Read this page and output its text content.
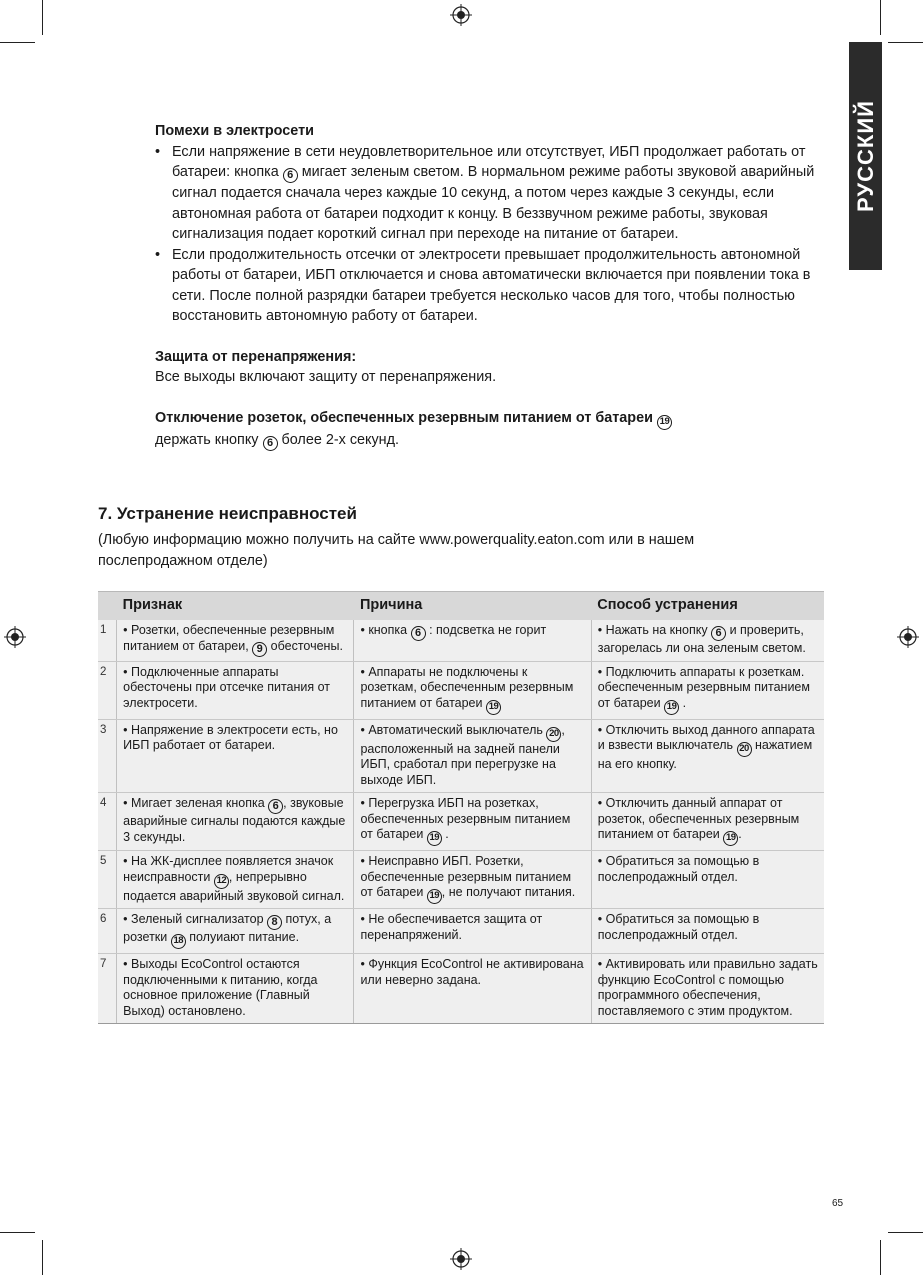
РУССКИЙ
Помехи в электросети
• Если напряжение в сети неудовлетворительное или отсутствует, ИБП продолжает работать от батареи: кнопка 6 мигает зеленым светом. В нормальном режиме работы звуковой аварийный сигнал подается сначала через каждые 10 секунд, а потом через каждые 3 секунды, если автономная работа от батареи подходит к концу. В беззвучном режиме работы, звуковая сигнализация подает короткий сигнал при переходе на питание от батареи.
• Если продолжительность отсечки от электросети превышает продолжительность автономной работы от батареи, ИБП отключается и снова автоматически включается при появлении тока в сети. После полной разрядки батареи требуется несколько часов для того, чтобы полностью восстановить автономную работу от батареи.
Защита от перенапряжения:
Все выходы включают защиту от перенапряжения.
Отключение розеток, обеспеченных резервным питанием от батареи 19
держать кнопку 6 более 2-х секунд.
7. Устранение неисправностей
(Любую информацию можно получить на сайте www.powerquality.eaton.com или в нашем послепродажном отделе)
	Признак	Причина	Способ устранения
1	• Розетки, обеспеченные резервным питанием от батареи, 9 обесточены.	• кнопка 6 : подсветка не горит	• Нажать на кнопку 6 и проверить, загорелась ли она зеленым светом.
2	• Подключенные аппараты обесточены при отсечке питания от электросети.	• Аппараты не подключены к розеткам, обеспеченным резервным питанием от батареи 19	• Подключить аппараты к розеткам. обеспеченным резервным питанием от батареи 19 .
3	• Напряжение в электросети есть, но ИБП работает от батареи.	• Автоматический выключатель 20 , расположенный на задней панели ИБП, сработал при перегрузке на выходе ИБП.	• Отключить выход данного аппарата и взвести выключатель 20 нажатием на его кнопку.
4	• Мигает зеленая кнопка 6 , звуковые аварийные сигналы подаются каждые 3 секунды.	• Перегрузка ИБП на розетках, обеспеченных резервным питанием от батареи 19 .	• Отключить данный аппарат от розеток, обеспеченных резервным питанием от батареи 19 .
5	• На ЖК-дисплее появляется значок неисправности 12 , непрерывно подается аварийный звуковой сигнал.	• Неисправно ИБП. Розетки, обеспеченные резервным питанием от батареи 19 , не получают питания.	• Обратиться за помощью в послепродажный отдел.
6	• Зеленый сигнализатор 8 потух, а розетки 18 полуиают питание.	• Не обеспечивается защита от перенапряжений.	• Обратиться за помощью в послепродажный отдел.
7	• Выходы EcoControl остаются подключенными к питанию, когда основное приложение (Главный Выход) остановлено.	• Функция EcoControl не активирована или неверно задана.	• Активировать или правильно задать функцию EcoControl с помощью программного обеспечения, поставляемого с этим продуктом.
65
